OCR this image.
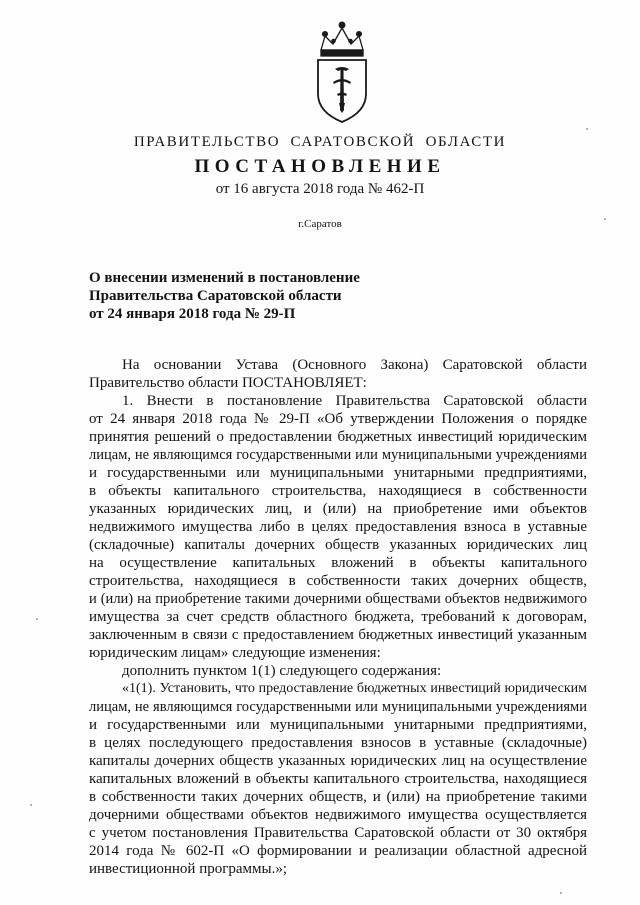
ПРАВИТЕЛЬСТВО САРАТОВСКОЙ ОБЛАСТИ
ПОСТАНОВЛЕНИЕ
от 16 августа 2018 года № 462-П
г.Саратов
О внесении изменений в постановление
Правительства Саратовской области
от 24 января 2018 года № 29-П
На основании Устава (Основного Закона) Саратовской области
Правительство области ПОСТАНОВЛЯЕТ:
1. Внести в постановление Правительства Саратовской области
от 24 января 2018 года № 29-П «Об утверждении Положения о порядке
принятия решений о предоставлении бюджетных инвестиций юридическим
лицам, не являющимся государственными или муниципальными учреждениями
и государственными или муниципальными унитарными предприятиями,
в объекты капитального строительства, находящиеся в собственности
указанных юридических лиц, и (или) на приобретение ими объектов
недвижимого имущества либо в целях предоставления взноса в уставные
(складочные) капиталы дочерних обществ указанных юридических лиц
на осуществление капитальных вложений в объекты капитального
строительства, находящиеся в собственности таких дочерних обществ,
и (или) на приобретение такими дочерними обществами объектов недвижимого
имущества за счет средств областного бюджета, требований к договорам,
заключенным в связи с предоставлением бюджетных инвестиций указанным
юридическим лицам» следующие изменения:
дополнить пунктом 1(1) следующего содержания:
«1(1). Установить, что предоставление бюджетных инвестиций юридическим
лицам, не являющимся государственными или муниципальными учреждениями
и государственными или муниципальными унитарными предприятиями,
в целях последующего предоставления взносов в уставные (складочные)
капиталы дочерних обществ указанных юридических лиц на осуществление
капитальных вложений в объекты капитального строительства, находящиеся
в собственности таких дочерних обществ, и (или) на приобретение такими
дочерними обществами объектов недвижимого имущества осуществляется
с учетом постановления Правительства Саратовской области от 30 октября
2014 года № 602-П «О формировании и реализации областной адресной
инвестиционной программы.»;
